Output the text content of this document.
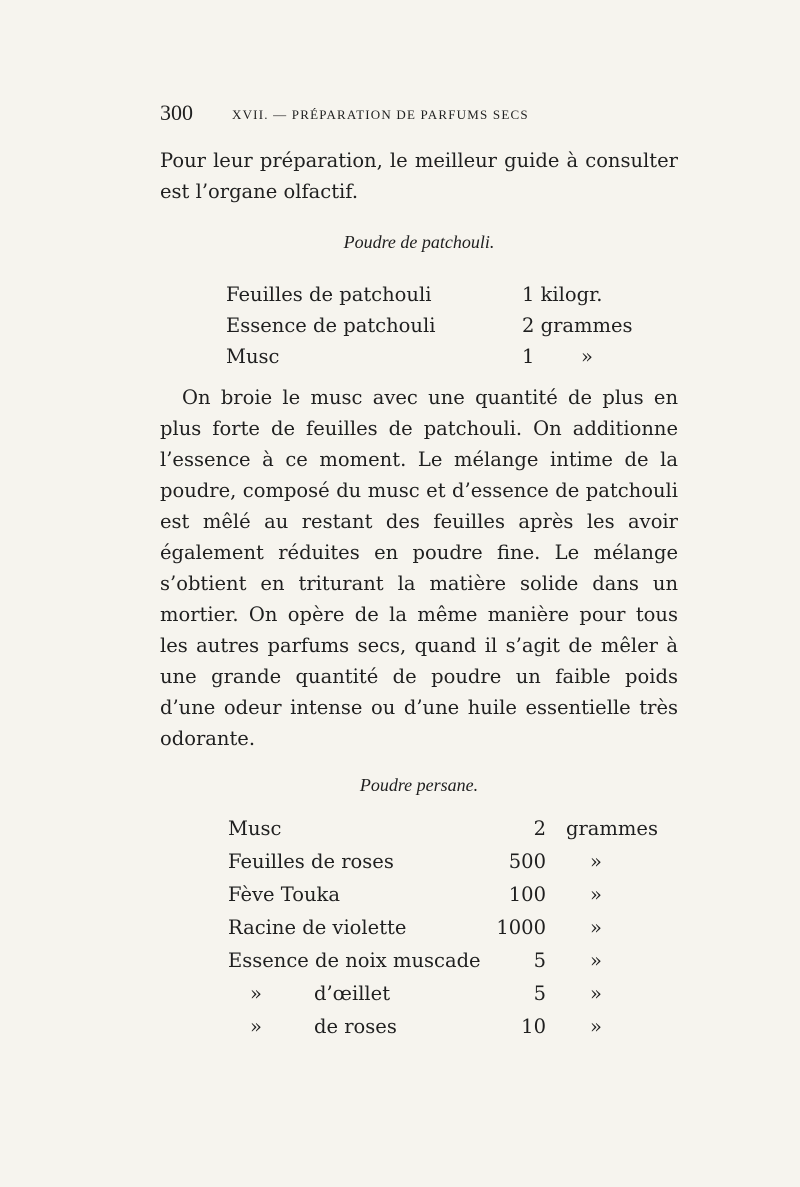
300	XVII. — PRÉPARATION DE PARFUMS SECS

Pour leur préparation, le meilleur guide à consulter est l’organe olfactif.

Poudre de patchouli.
Feuilles de patchouli	1 kilogr.
Essence de patchouli	2 grammes
Musc	1 »

On broie le musc avec une quantité de plus en plus forte de feuilles de patchouli. On additionne l’essence à ce moment. Le mélange intime de la poudre, composé du musc et d’essence de patchouli est mêlé au restant des feuilles après les avoir également réduites en poudre fine. Le mélange s’obtient en triturant la matière solide dans un mortier. On opère de la même manière pour tous les autres parfums secs, quand il s’agit de mêler à une grande quantité de poudre un faible poids d’une odeur intense ou d’une huile essentielle très odorante.

Poudre persane.
Musc	2 grammes
Feuilles de roses	500 »
Fève Touka	100 »
Racine de violette	1000 »
Essence de noix muscade	5 »
»	d’œillet	5 »
»	de roses	10 »
